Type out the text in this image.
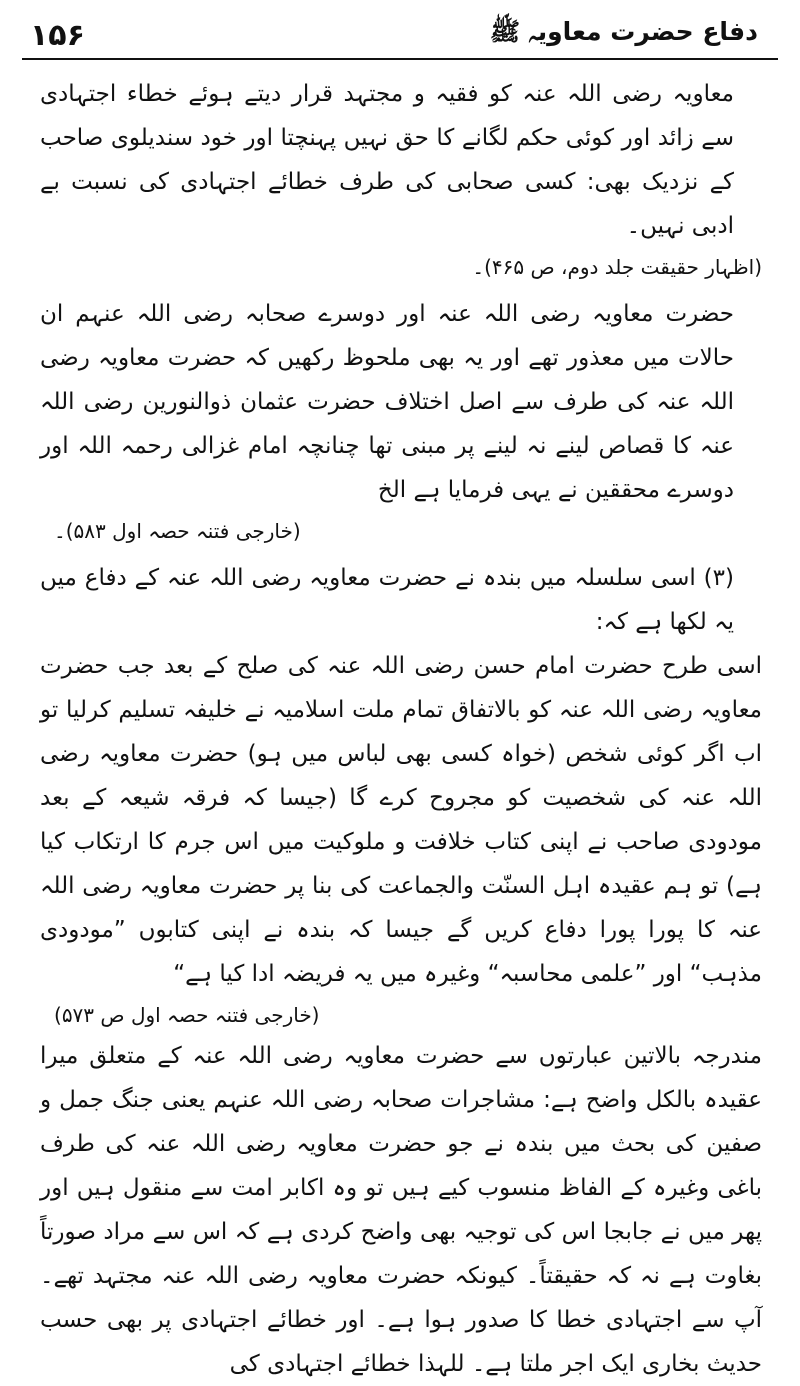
۱۵۶	دفاع حضرت معاویہ ﷺ

معاویہ رضی اللہ عنہ کو فقیہ و مجتہد قرار دیتے ہوئے خطاء اجتہادی سے زائد اور کوئی حکم لگانے کا حق نہیں پہنچتا اور خود سندیلوی صاحب کے نزدیک بھی: کسی صحابی کی طرف خطائے اجتہادی کی نسبت بے ادبی نہیں۔

(اظہار حقیقت جلد دوم، ص ۴۶۵)۔

حضرت معاویہ رضی اللہ عنہ اور دوسرے صحابہ رضی اللہ عنہم ان حالات میں معذور تھے اور یہ بھی ملحوظ رکھیں کہ حضرت معاویہ رضی اللہ عنہ کی طرف سے اصل اختلاف حضرت عثمان ذوالنورین رضی اللہ عنہ کا قصاص لینے نہ لینے پر مبنی تھا چنانچہ امام غزالی رحمہ اللہ اور دوسرے محققین نے یہی فرمایا ہے الخ

(خارجی فتنہ حصہ اول ۵۸۳)۔

(۳) اسی سلسلہ میں بندہ نے حضرت معاویہ رضی اللہ عنہ کے دفاع میں یہ لکھا ہے کہ:

اسی طرح حضرت امام حسن رضی اللہ عنہ کی صلح کے بعد جب حضرت معاویہ رضی اللہ عنہ کو بالاتفاق تمام ملت اسلامیہ نے خلیفہ تسلیم کرلیا تو اب اگر کوئی شخص (خواہ کسی بھی لباس میں ہو) حضرت معاویہ رضی اللہ عنہ کی شخصیت کو مجروح کرے گا (جیسا کہ فرقہ شیعہ کے بعد مودودی صاحب نے اپنی کتاب خلافت و ملوکیت میں اس جرم کا ارتکاب کیا ہے) تو ہم عقیدہ اہل السنّت والجماعت کی بنا پر حضرت معاویہ رضی اللہ عنہ کا پورا پورا دفاع کریں گے جیسا کہ بندہ نے اپنی کتابوں ”مودودی مذہب“ اور ”علمی محاسبہ“ وغیرہ میں یہ فریضہ ادا کیا ہے“

(خارجی فتنہ حصہ اول ص ۵۷۳)

مندرجہ بالاتین عبارتوں سے حضرت معاویہ رضی اللہ عنہ کے متعلق میرا عقیدہ بالکل واضح ہے: مشاجرات صحابہ رضی اللہ عنہم یعنی جنگ جمل و صفین کی بحث میں بندہ نے جو حضرت معاویہ رضی اللہ عنہ کی طرف باغی وغیرہ کے الفاظ منسوب کیے ہیں تو وہ اکابر امت سے منقول ہیں اور پھر میں نے جابجا اس کی توجیہ بھی واضح کردی ہے کہ اس سے مراد صورتاً بغاوت ہے نہ کہ حقیقتاً۔ کیونکہ حضرت معاویہ رضی اللہ عنہ مجتہد تھے۔ آپ سے اجتہادی خطا کا صدور ہوا ہے۔ اور خطائے اجتہادی پر بھی حسب حدیث بخاری ایک اجر ملتا ہے۔ للہذا خطائے اجتہادی کی
